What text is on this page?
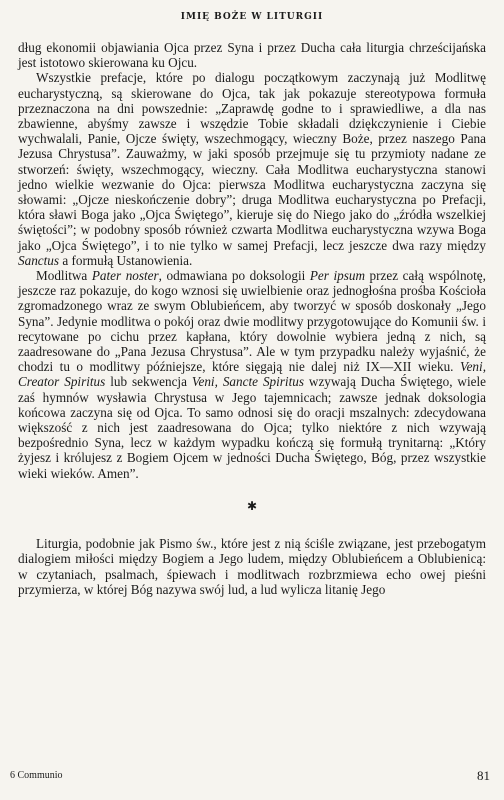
IMIĘ BOŻE W LITURGII

dług ekonomii objawiania Ojca przez Syna i przez Ducha cała liturgia chrześcijańska jest istotowo skierowana ku Ojcu.

Wszystkie prefacje, które po dialogu początkowym zaczynają już Modlitwę eucharystyczną, są skierowane do Ojca, tak jak pokazuje stereotypowa formuła przeznaczona na dni powszednie: „Zaprawdę godne to i sprawiedliwe, a dla nas zbawienne, abyśmy zawsze i wszędzie Tobie składali dziękczynienie i Ciebie wychwalali, Panie, Ojcze święty, wszechmogący, wieczny Boże, przez naszego Pana Jezusa Chrystusa”. Zauważmy, w jaki sposób przejmuje się tu przymioty nadane ze stworzeń: święty, wszechmogący, wieczny. Cała Modlitwa eucharystyczna stanowi jedno wielkie wezwanie do Ojca: pierwsza Modlitwa eucharystyczna zaczyna się słowami: „Ojcze nieskończenie dobry”; druga Modlitwa eucharystyczna po Prefacji, która sławi Boga jako „Ojca Świętego”, kieruje się do Niego jako do „źródła wszelkiej świętości”; w podobny sposób również czwarta Modlitwa eucharystyczna wzywa Boga jako „Ojca Świętego”, i to nie tylko w samej Prefacji, lecz jeszcze dwa razy między Sanctus a formułą Ustanowienia.

Modlitwa Pater noster, odmawiana po doksologii Per ipsum przez całą wspólnotę, jeszcze raz pokazuje, do kogo wznosi się uwielbienie oraz jednogłośna prośba Kościoła zgromadzonego wraz ze swym Oblubieńcem, aby tworzyć w sposób doskonały „Jego Syna”. Jedynie modlitwa o pokój oraz dwie modlitwy przygotowujące do Komunii św. i recytowane po cichu przez kapłana, który dowolnie wybiera jedną z nich, są zaadresowane do „Pana Jezusa Chrystusa”. Ale w tym przypadku należy wyjaśnić, że chodzi tu o modlitwy późniejsze, które sięgają nie dalej niż IX—XII wieku. Veni, Creator Spiritus lub sekwencja Veni, Sancte Spiritus wzywają Ducha Świętego, wiele zaś hymnów wysławia Chrystusa w Jego tajemnicach; zawsze jednak doksologia końcowa zaczyna się od Ojca. To samo odnosi się do oracji mszalnych: zdecydowana większość z nich jest zaadresowana do Ojca; tylko niektóre z nich wzywają bezpośrednio Syna, lecz w każdym wypadku kończą się formułą trynitarną: „Który żyjesz i królujesz z Bogiem Ojcem w jedności Ducha Świętego, Bóg, przez wszystkie wieki wieków. Amen”.

✱

Liturgia, podobnie jak Pismo św., które jest z nią ściśle związane, jest przebogatym dialogiem miłości między Bogiem a Jego ludem, między Oblubieńcem a Oblubienicą: w czytaniach, psalmach, śpiewach i modlitwach rozbrzmiewa echo owej pieśni przymierza, w której Bóg nazywa swój lud, a lud wylicza litanię Jego

6 Communio	81
